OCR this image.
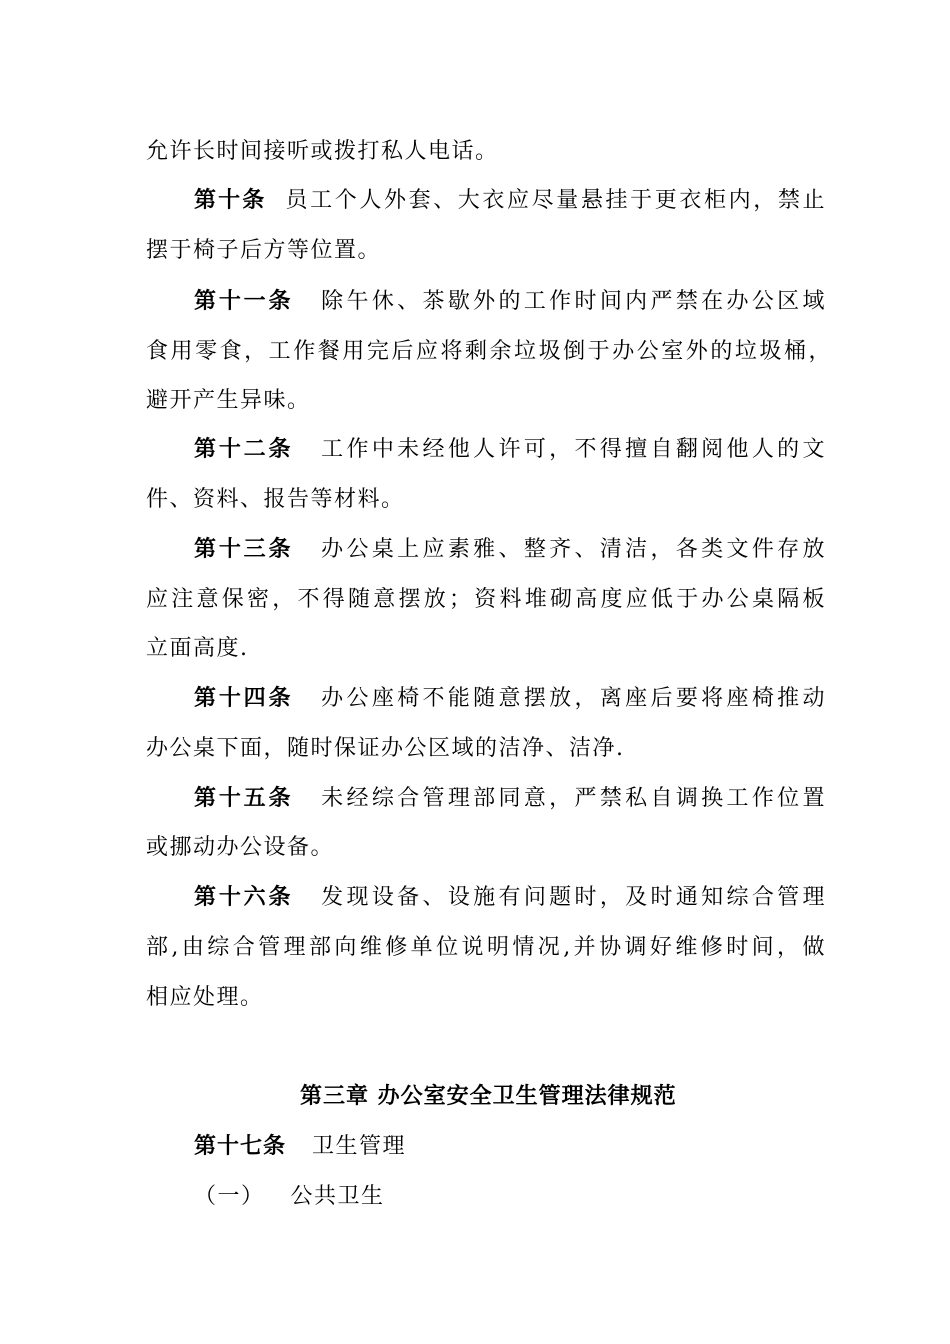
允许长时间接听或拨打私人电话。
第十条 员工个人外套、大衣应尽量悬挂于更衣柜内，禁止
摆于椅子后方等位置。
第十一条 除午休、茶歇外的工作时间内严禁在办公区域
食用零食，工作餐用完后应将剩余垃圾倒于办公室外的垃圾桶，
避开产生异味。
第十二条 工作中未经他人许可，不得擅自翻阅他人的文
件、资料、报告等材料。
第十三条 办公桌上应素雅、整齐、清洁，各类文件存放
应注意保密，不得随意摆放；资料堆砌高度应低于办公桌隔板
立面高度.
第十四条 办公座椅不能随意摆放，离座后要将座椅推动
办公桌下面，随时保证办公区域的洁净、洁净.
第十五条 未经综合管理部同意，严禁私自调换工作位置
或挪动办公设备。
第十六条 发现设备、设施有问题时，及时通知综合管理
部,由综合管理部向维修单位说明情况,并协调好维修时间，做
相应处理。
第三章 办公室安全卫生管理法律规范
第十七条 卫生管理
（一） 公共卫生
